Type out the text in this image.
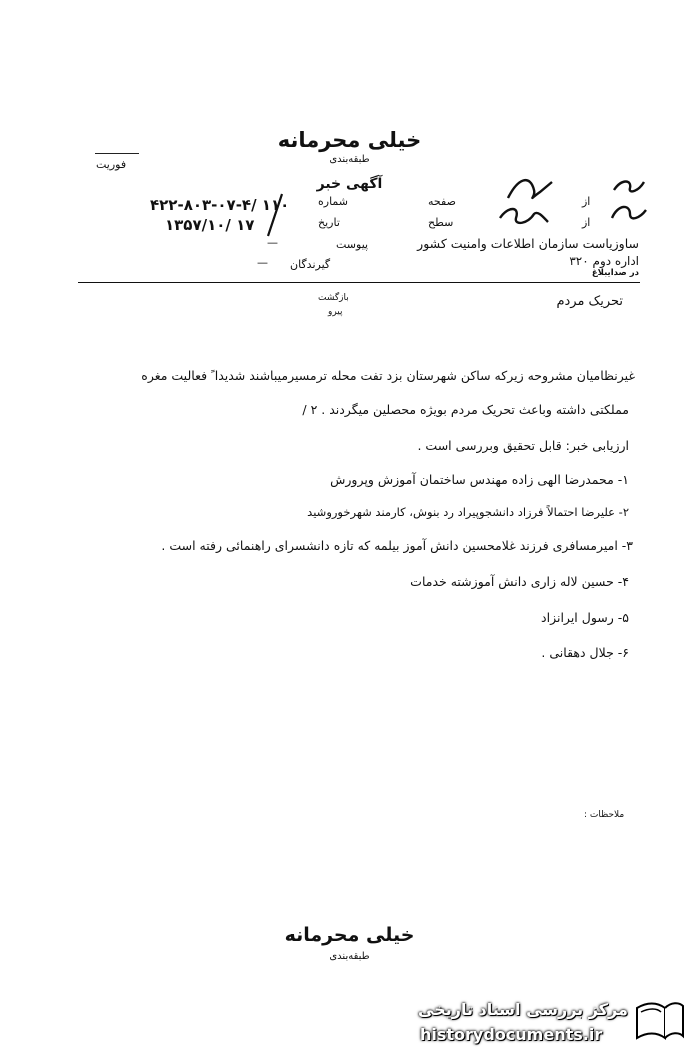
خیلی محرمانه
طبقه‌بندی
آگهی خبر
فوریت
شماره
۴۲۲-۸۰۳-۰۷-۴/ ۱۱۰
تاریخ
۱۳۵۷/۱۰/ ۱۷
صفحه
سطح
از
از
پیوست
—
گیرندگان
—
ساوزیاست سازمان اطلاعات وامنیت کشور
اداره دوم ۳۲۰
در صدایبلاغ
بازگشت
پیرو
تحریک مردم
غیرنظامیان مشروحه زیرکه ساکن شهرستان بزد تفت محله ترمسیرمیباشند شدیدا ً فعالیت مغره
مملکتی داشته وباعث تحریک مردم بویژه محصلین میگردند . ۲ /
ارزیابی خبر: قابل تحقیق وبررسی است .
۱- محمدرضا الهی زاده مهندس ساختمان آموزش وپرورش
۲- علیرضا احتمالاً فرزاد دانشجوپیراد رد بنوش، کارمند شهرخوروشید
۳- امیرمسافری فرزند غلامحسین دانش آموز بیلمه که تازه دانشسرای راهنمائی رفته است .
۴- حسین لاله زاری دانش آموزشته خدمات
۵- رسول ایرانزاد
۶- جلال دهقانی .
ملاحظات :
خیلی محرمانه
طبقه‌بندی
مرکز بررسی اسناد تاریخی
historydocuments.ir
